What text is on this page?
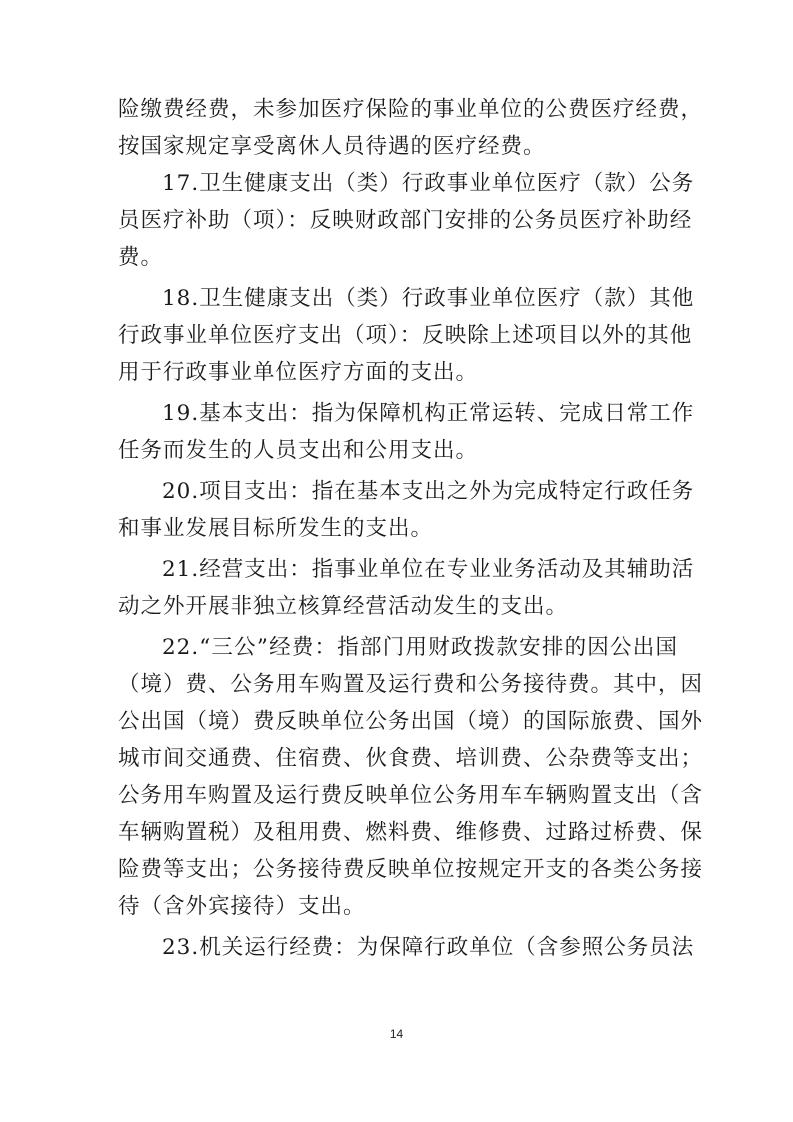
险缴费经费，未参加医疗保险的事业单位的公费医疗经费，
按国家规定享受离休人员待遇的医疗经费。
17.卫生健康支出（类）行政事业单位医疗（款）公务
员医疗补助（项）：反映财政部门安排的公务员医疗补助经
费。
18.卫生健康支出（类）行政事业单位医疗（款）其他
行政事业单位医疗支出（项）：反映除上述项目以外的其他
用于行政事业单位医疗方面的支出。
19.基本支出：指为保障机构正常运转、完成日常工作
任务而发生的人员支出和公用支出。
20.项目支出：指在基本支出之外为完成特定行政任务
和事业发展目标所发生的支出。
21.经营支出：指事业单位在专业业务活动及其辅助活
动之外开展非独立核算经营活动发生的支出。
22.“三公”经费：指部门用财政拨款安排的因公出国
（境）费、公务用车购置及运行费和公务接待费。其中，因
公出国（境）费反映单位公务出国（境）的国际旅费、国外
城市间交通费、住宿费、伙食费、培训费、公杂费等支出；
公务用车购置及运行费反映单位公务用车车辆购置支出（含
车辆购置税）及租用费、燃料费、维修费、过路过桥费、保
险费等支出；公务接待费反映单位按规定开支的各类公务接
待（含外宾接待）支出。
23.机关运行经费：为保障行政单位（含参照公务员法
14
